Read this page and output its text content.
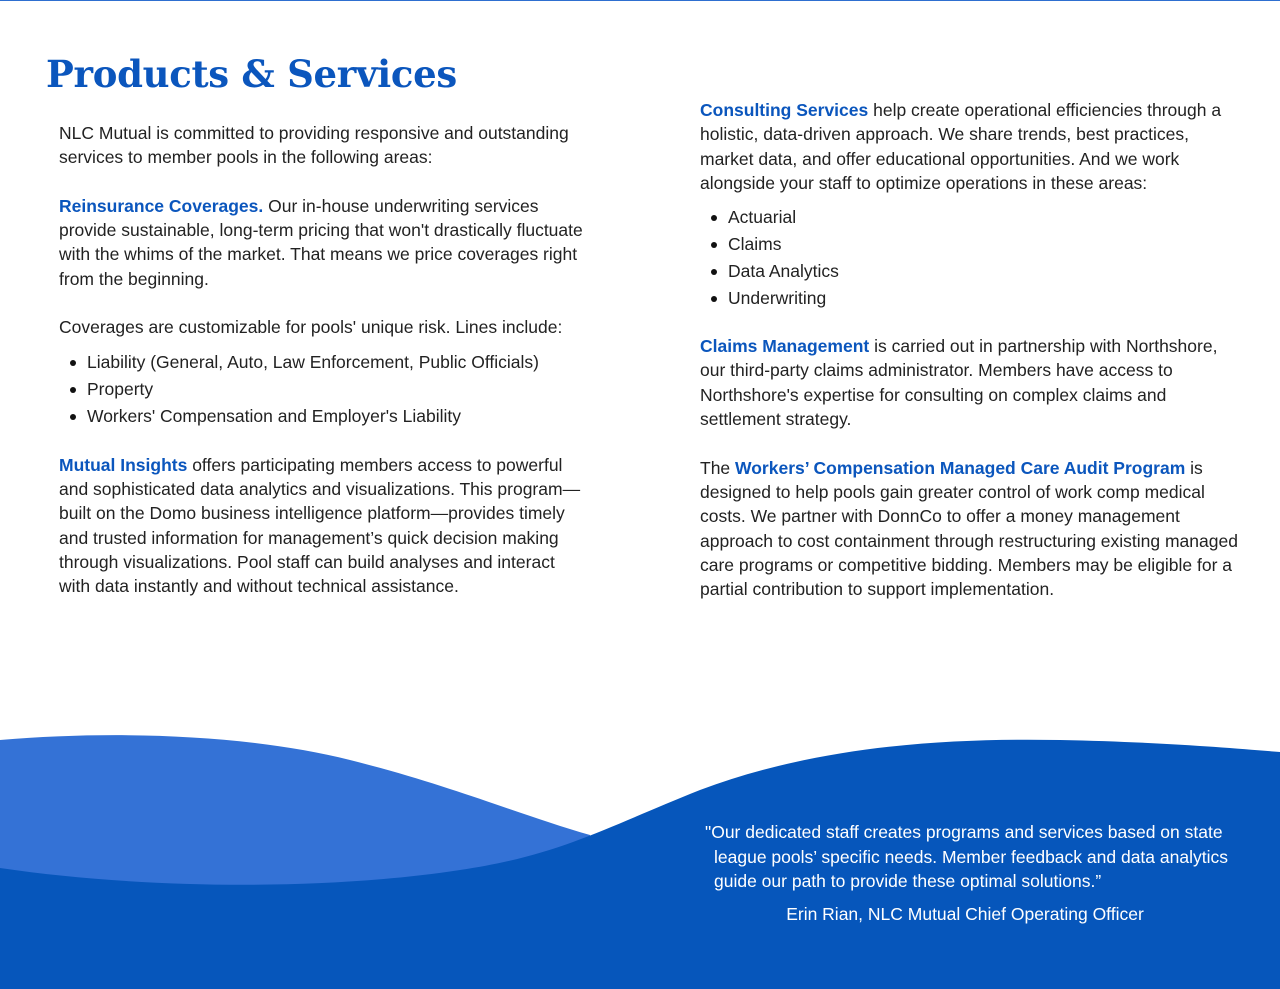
Products & Services

NLC Mutual is committed to providing responsive and outstanding services to member pools in the following areas:

Reinsurance Coverages. Our in-house underwriting services provide sustainable, long-term pricing that won't drastically fluctuate with the whims of the market. That means we price coverages right from the beginning.

Coverages are customizable for pools' unique risk. Lines include:

Liability (General, Auto, Law Enforcement, Public Officials)
Property
Workers' Compensation and Employer's Liability

Mutual Insights offers participating members access to powerful and sophisticated data analytics and visualizations. This program—built on the Domo business intelligence platform—provides timely and trusted information for management’s quick decision making through visualizations. Pool staff can build analyses and interact with data instantly and without technical assistance.

Consulting Services help create operational efficiencies through a holistic, data-driven approach. We share trends, best practices, market data, and offer educational opportunities. And we work alongside your staff to optimize operations in these areas:

Actuarial
Claims
Data Analytics
Underwriting

Claims Management is carried out in partnership with Northshore, our third-party claims administrator. Members have access to Northshore's expertise for consulting on complex claims and settlement strategy.

The Workers’ Compensation Managed Care Audit Program is designed to help pools gain greater control of work comp medical costs. We partner with DonnCo to offer a money management approach to cost containment through restructuring existing managed care programs or competitive bidding. Members may be eligible for a partial contribution to support implementation.

"Our dedicated staff creates programs and services based on state league pools’ specific needs. Member feedback and data analytics guide our path to provide these optimal solutions.”

Erin Rian, NLC Mutual Chief Operating Officer
